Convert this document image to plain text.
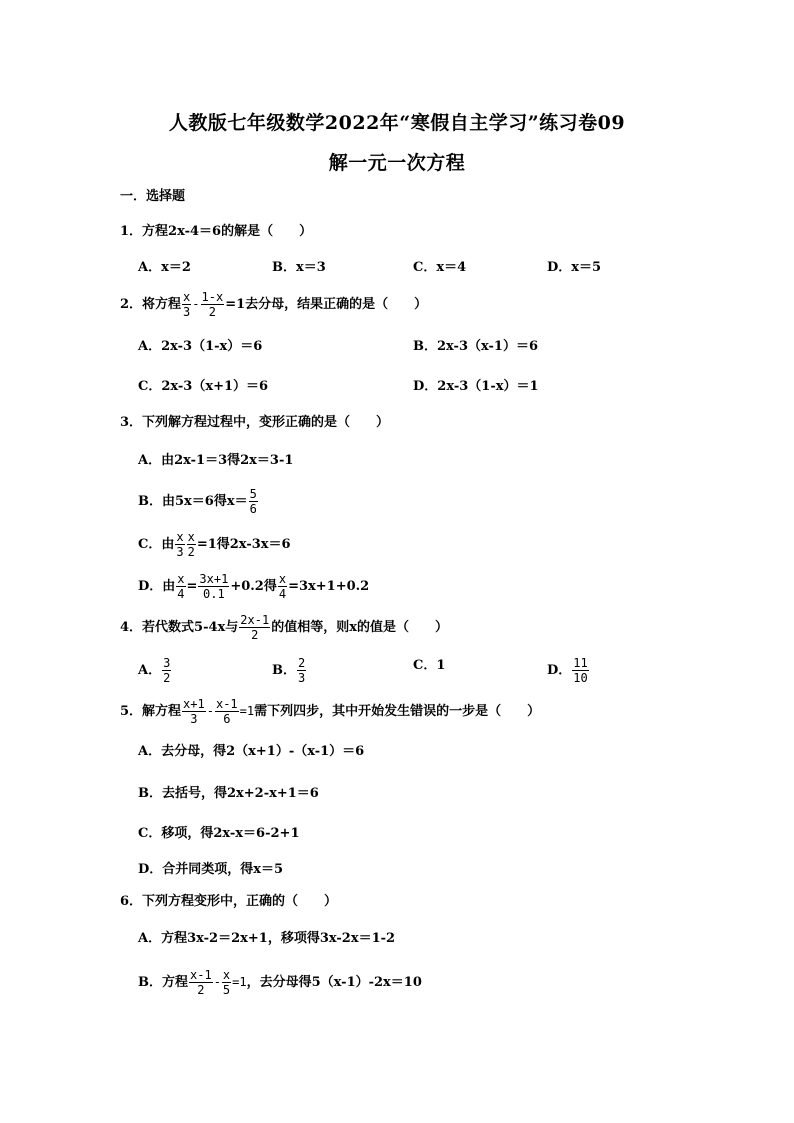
人教版七年级数学2022年“寒假自主学习”练习卷09
解一元一次方程
一．选择题
1．方程2x-4＝6的解是（　　）
A．x＝2	B．x＝3	C．x＝4	D．x＝5
2．将方程 $\frac{x}{3} - \frac{1-x}{2} =1$去分母，结果正确的是（　　）
A．2x-3（1-x）＝6	B．2x-3（x-1）＝6
C．2x-3（x+1）＝6	D．2x-3（1-x）＝1
3．下列解方程过程中，变形正确的是（　　）
A．由2x-1＝3得2x＝3-1
B．由5x＝6得$x= \frac{5}{6}$
C．由 $\frac{x}{3} \frac{x}{2} =1$得2x-3x＝6
D．由 $\frac{x}{4} = \frac{3x+1}{0.1} +0.2$得 $\frac{x}{4} =3x+1+0.2$
4．若代数式5-4x与 $\frac{2x-1}{2}$ 的值相等，则x的值是（　　）
A． $\frac{3}{2}$	B． $\frac{2}{3}$	C．1	D． $\frac{11}{10}$
5．解方程 $\frac{x+1}{3} - \frac{x-1}{6} =1$需下列四步，其中开始发生错误的一步是（　　）
A．去分母，得2（x+1）-（x-1）＝6
B．去括号，得2x+2-x+1＝6
C．移项，得2x-x＝6-2+1
D．合并同类项，得x＝5
6．下列方程变形中，正确的（　　）
A．方程3x-2＝2x+1，移项得3x-2x＝1-2
B．方程 $\frac{x-1}{2} - \frac{x}{5} =1$，去分母得5（x-1）-2x＝10
